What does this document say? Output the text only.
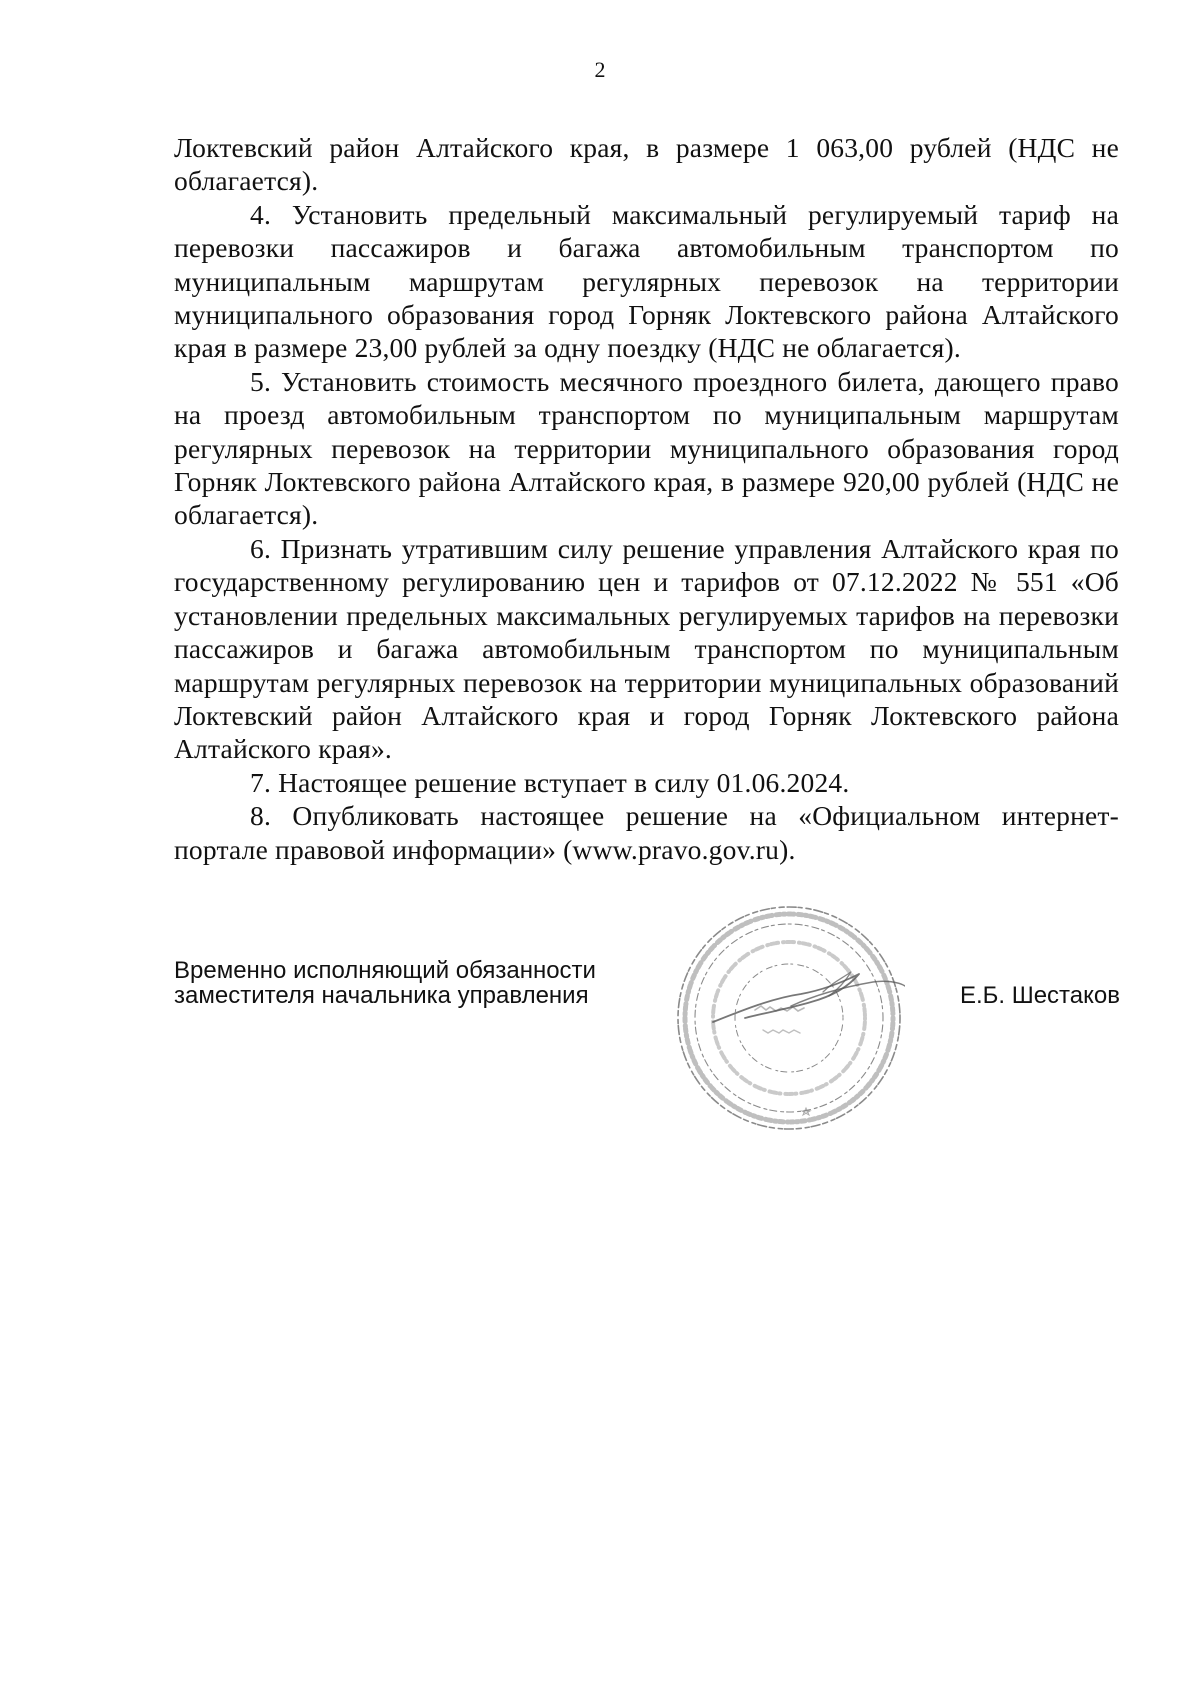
2

Локтевский район Алтайского края, в размере 1 063,00 рублей (НДС не облагается).

4. Установить предельный максимальный регулируемый тариф на перевозки пассажиров и багажа автомобильным транспортом по муниципальным маршрутам регулярных перевозок на территории муниципального образования город Горняк Локтевского района Алтайского края в размере 23,00 рублей за одну поездку (НДС не облагается).

5. Установить стоимость месячного проездного билета, дающего право на проезд автомобильным транспортом по муниципальным маршрутам регулярных перевозок на территории муниципального образования город Горняк Локтевского района Алтайского края, в размере 920,00 рублей (НДС не облагается).

6. Признать утратившим силу решение управления Алтайского края по государственному регулированию цен и тарифов от 07.12.2022 № 551 «Об установлении предельных максимальных регулируемых тарифов на перевозки пассажиров и багажа автомобильным транспортом по муниципальным маршрутам регулярных перевозок на территории муниципальных образований Локтевский район Алтайского края и город Горняк Локтевского района Алтайского края».

7. Настоящее решение вступает в силу 01.06.2024.

8. Опубликовать настоящее решение на «Официальном интернет-портале правовой информации» (www.pravo.gov.ru).

Временно исполняющий обязанности
заместителя начальника управления	Е.Б. Шестаков
